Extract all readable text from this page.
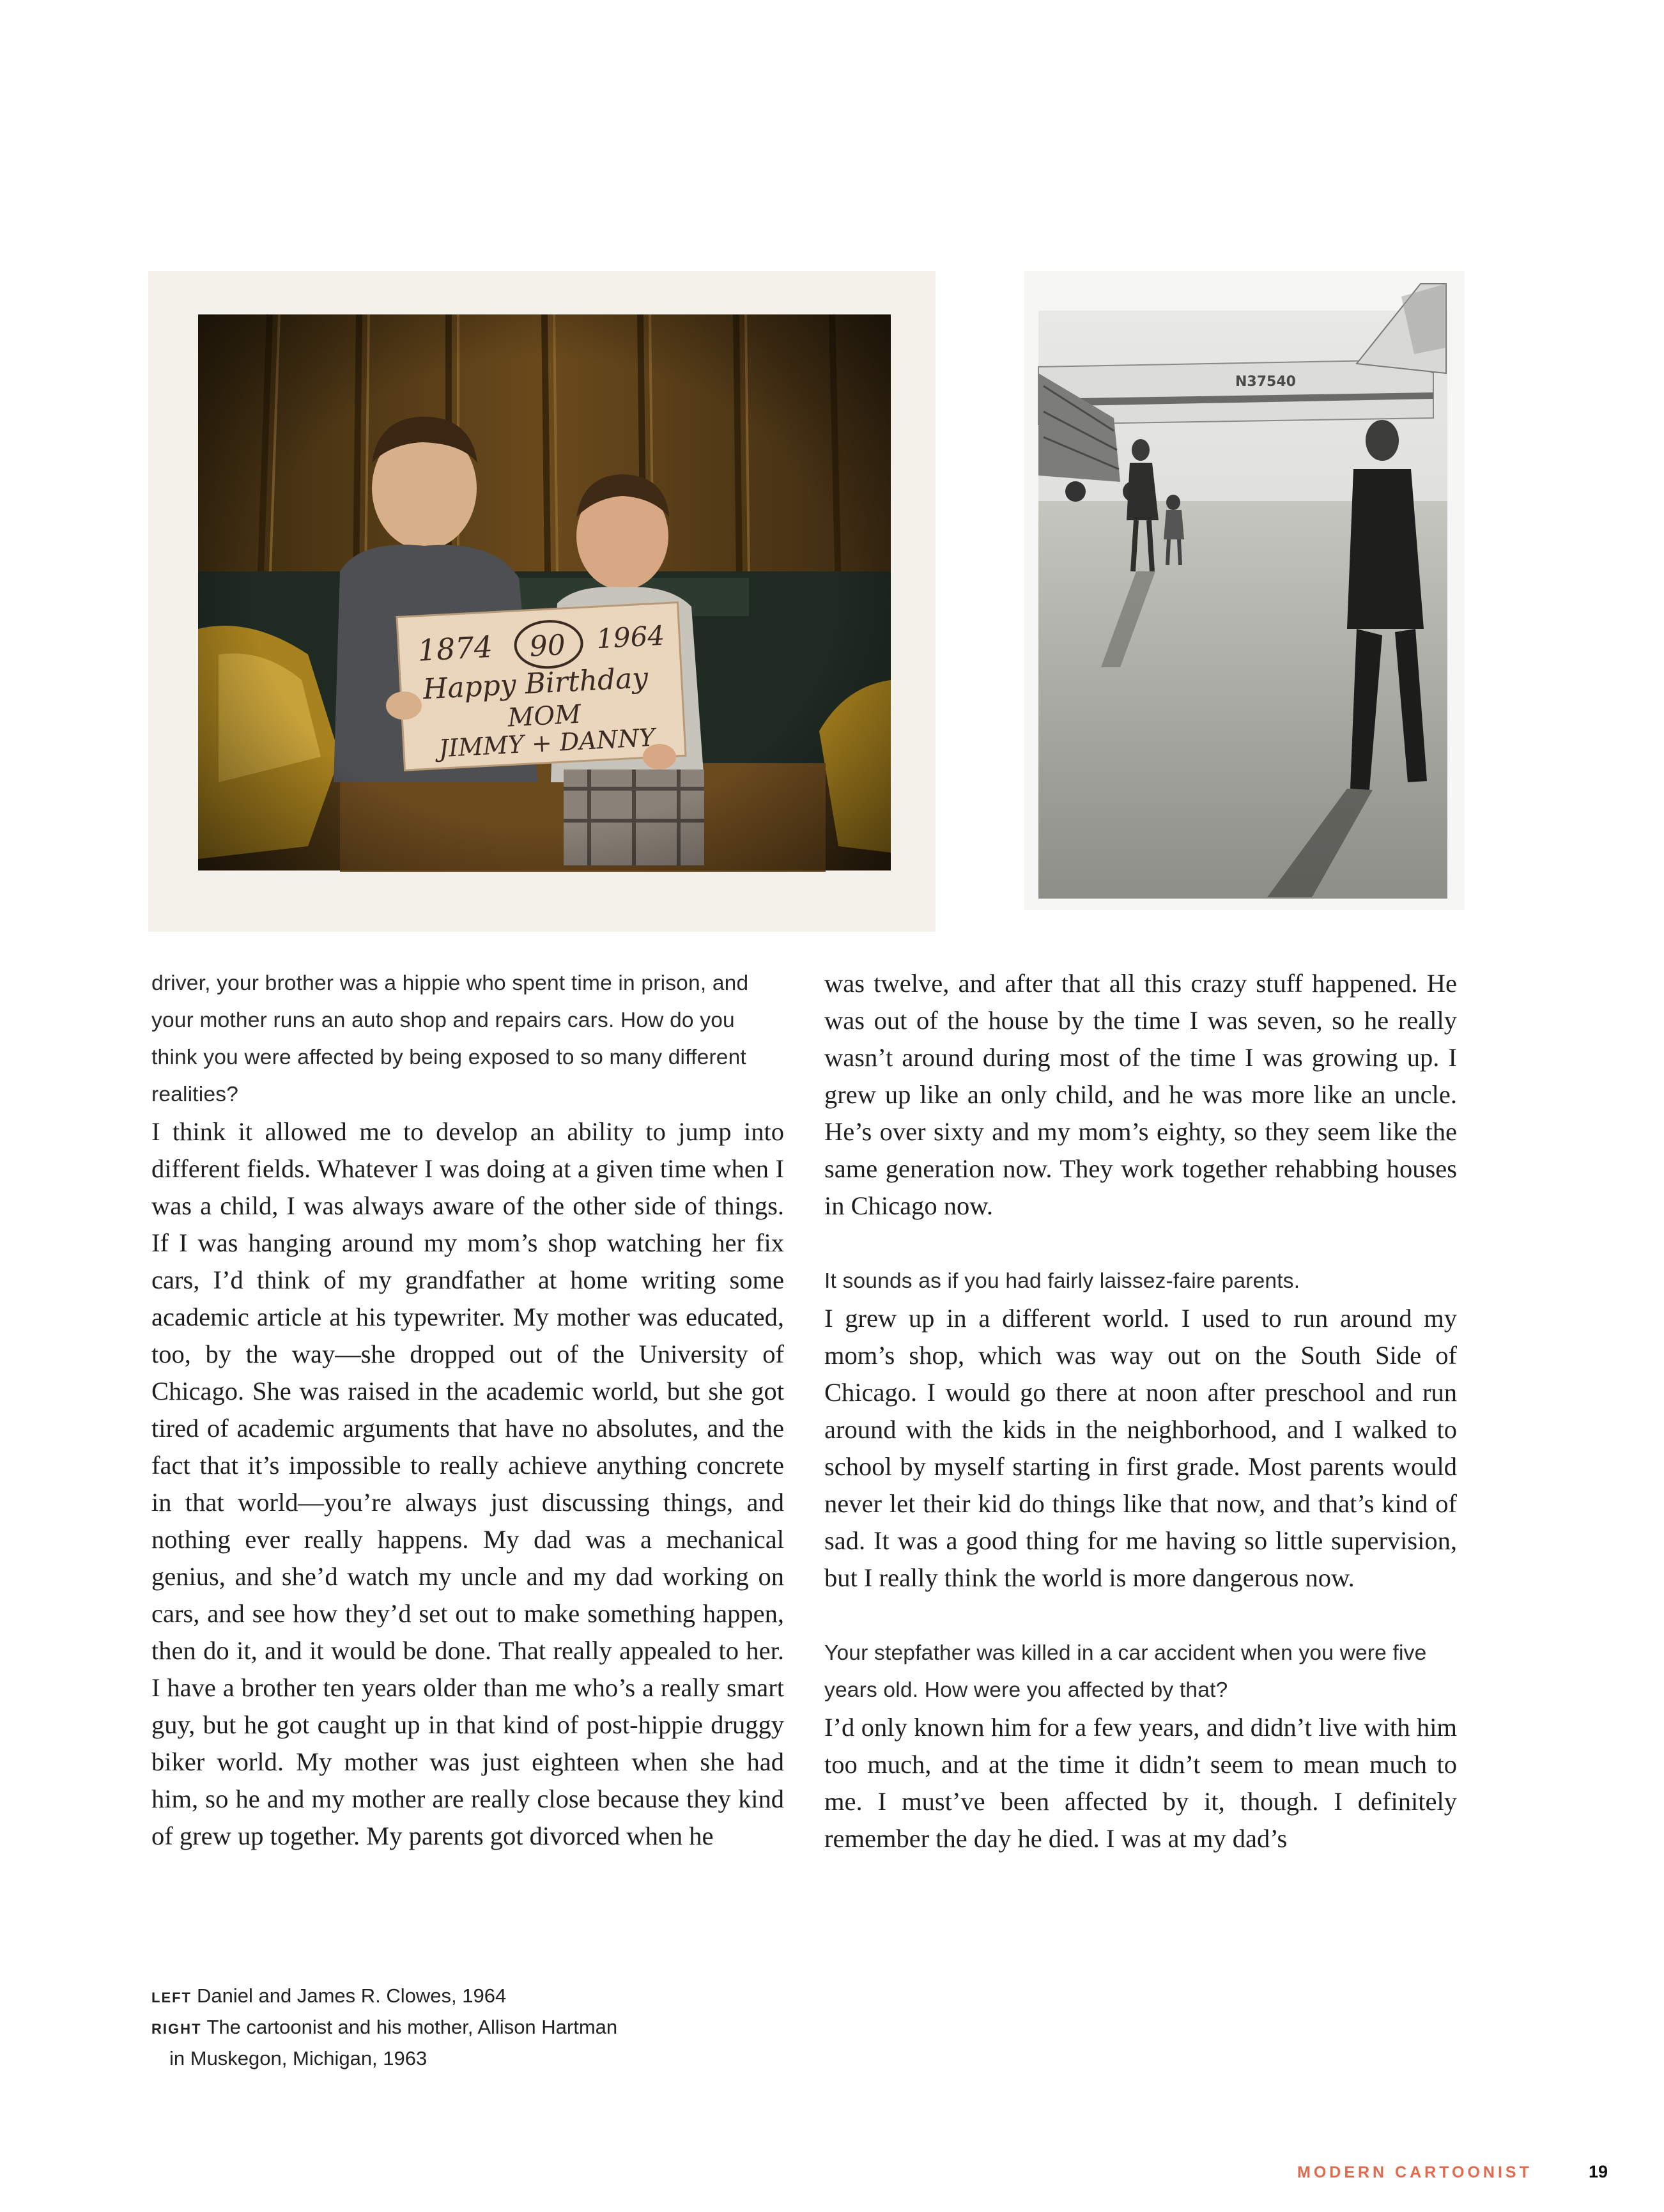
N37540

driver, your brother was a hippie who spent time in prison, and your mother runs an auto shop and repairs cars. How do you think you were affected by being exposed to so many different realities?

I think it allowed me to develop an ability to jump into different fields. Whatever I was doing at a given time when I was a child, I was always aware of the other side of things. If I was hanging around my mom’s shop watching her fix cars, I’d think of my grandfather at home writing some academic article at his typewriter. My mother was educated, too, by the way—she dropped out of the University of Chicago. She was raised in the academic world, but she got tired of academic arguments that have no absolutes, and the fact that it’s impossible to really achieve anything concrete in that world—you’re always just discussing things, and nothing ever really happens. My dad was a mechanical genius, and she’d watch my uncle and my dad working on cars, and see how they’d set out to make something happen, then do it, and it would be done. That really appealed to her. I have a brother ten years older than me who’s a really smart guy, but he got caught up in that kind of post-hippie druggy biker world. My mother was just eighteen when she had him, so he and my mother are really close because they kind of grew up together. My parents got divorced when he

was twelve, and after that all this crazy stuff happened. He was out of the house by the time I was seven, so he really wasn’t around during most of the time I was growing up. I grew up like an only child, and he was more like an uncle. He’s over sixty and my mom’s eighty, so they seem like the same generation now. They work together rehabbing houses in Chicago now.

It sounds as if you had fairly laissez-faire parents.

I grew up in a different world. I used to run around my mom’s shop, which was way out on the South Side of Chicago. I would go there at noon after preschool and run around with the kids in the neighborhood, and I walked to school by myself starting in first grade. Most parents would never let their kid do things like that now, and that’s kind of sad. It was a good thing for me having so little supervision, but I really think the world is more dangerous now.

Your stepfather was killed in a car accident when you were five years old. How were you affected by that?

I’d only known him for a few years, and didn’t live with him too much, and at the time it didn’t seem to mean much to me. I must’ve been affected by it, though. I definitely remember the day he died. I was at my dad’s

LEFT Daniel and James R. Clowes, 1964
RIGHT The cartoonist and his mother, Allison Hartman
in Muskegon, Michigan, 1963
MODERN CARTOONIST	19
